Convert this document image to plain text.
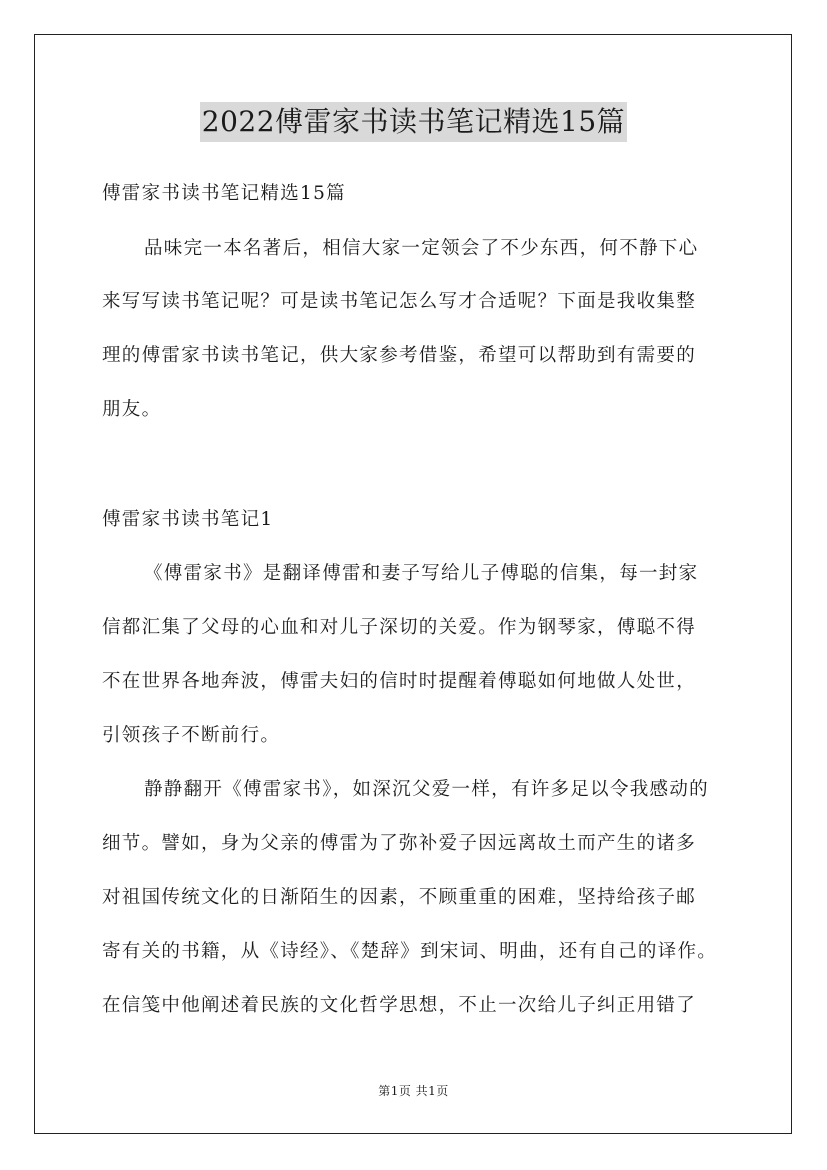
2022傅雷家书读书笔记精选15篇
傅雷家书读书笔记精选15篇
品味完一本名著后，相信大家一定领会了不少东西，何不静下心
来写写读书笔记呢？可是读书笔记怎么写才合适呢？下面是我收集整
理的傅雷家书读书笔记，供大家参考借鉴，希望可以帮助到有需要的
朋友。
傅雷家书读书笔记1
《傅雷家书》是翻译傅雷和妻子写给儿子傅聪的信集，每一封家
信都汇集了父母的心血和对儿子深切的关爱。作为钢琴家，傅聪不得
不在世界各地奔波，傅雷夫妇的信时时提醒着傅聪如何地做人处世，
引领孩子不断前行。
静静翻开《傅雷家书》，如深沉父爱一样，有许多足以令我感动的
细节。譬如，身为父亲的傅雷为了弥补爱子因远离故土而产生的诸多
对祖国传统文化的日渐陌生的因素，不顾重重的困难，坚持给孩子邮
寄有关的书籍，从《诗经》、《楚辞》到宋词、明曲，还有自己的译作。
在信笺中他阐述着民族的文化哲学思想，不止一次给儿子纠正用错了
第1页 共1页
